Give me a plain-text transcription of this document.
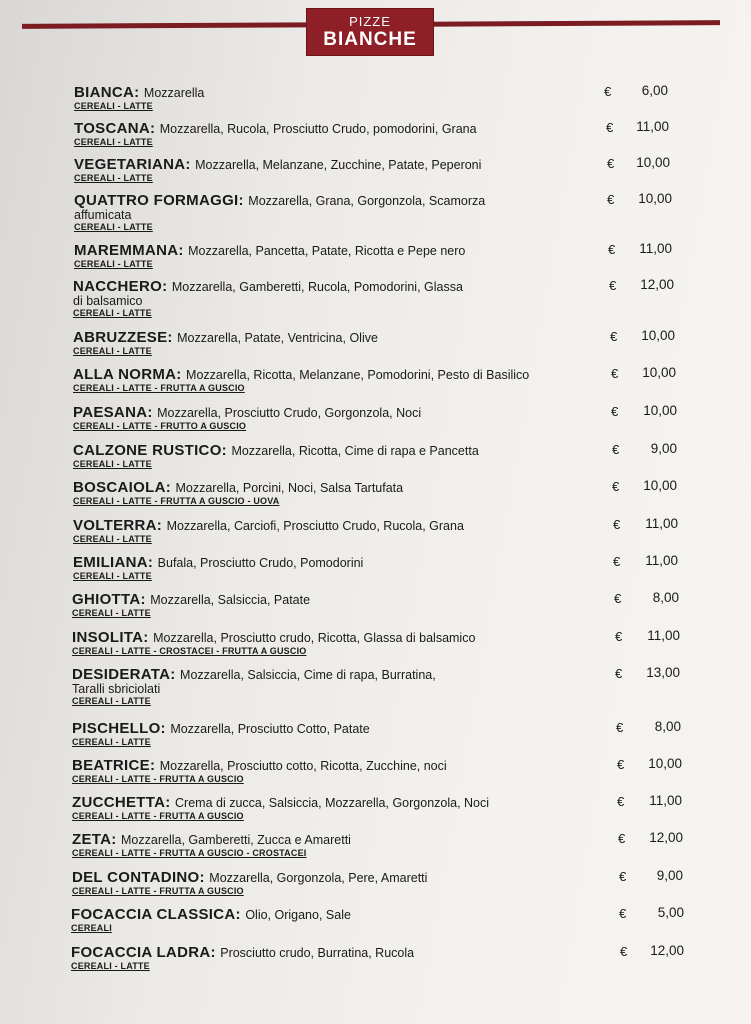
PIZZE
BIANCHE
BIANCA: Mozzarella
CEREALI - LATTE
€	6,00
TOSCANA: Mozzarella, Rucola, Prosciutto Crudo, pomodorini, Grana
CEREALI - LATTE
€	11,00
VEGETARIANA: Mozzarella, Melanzane, Zucchine, Patate, Peperoni
CEREALI - LATTE
€	10,00
QUATTRO FORMAGGI: Mozzarella, Grana, Gorgonzola, Scamorza
affumicata
CEREALI - LATTE
€	10,00
MAREMMANA: Mozzarella, Pancetta, Patate, Ricotta e Pepe nero
CEREALI - LATTE
€	11,00
NACCHERO: Mozzarella, Gamberetti, Rucola, Pomodorini, Glassa
di balsamico
CEREALI - LATTE
€	12,00
ABRUZZESE: Mozzarella, Patate, Ventricina, Olive
CEREALI - LATTE
€	10,00
ALLA NORMA: Mozzarella, Ricotta, Melanzane, Pomodorini, Pesto di Basilico
CEREALI - LATTE - FRUTTA A GUSCIO
€	10,00
PAESANA: Mozzarella, Prosciutto Crudo, Gorgonzola, Noci
CEREALI - LATTE - FRUTTO A GUSCIO
€	10,00
CALZONE RUSTICO: Mozzarella, Ricotta, Cime di rapa e Pancetta
CEREALI - LATTE
€	9,00
BOSCAIOLA: Mozzarella, Porcini, Noci, Salsa Tartufata
CEREALI - LATTE - FRUTTA A GUSCIO - UOVA
€	10,00
VOLTERRA: Mozzarella, Carciofi, Prosciutto Crudo, Rucola, Grana
CEREALI - LATTE
€	11,00
EMILIANA: Bufala, Prosciutto Crudo, Pomodorini
CEREALI - LATTE
€	11,00
GHIOTTA: Mozzarella, Salsiccia, Patate
CEREALI - LATTE
€	8,00
INSOLITA: Mozzarella, Prosciutto crudo, Ricotta, Glassa di balsamico
CEREALI - LATTE - CROSTACEI - FRUTTA A GUSCIO
€	11,00
DESIDERATA: Mozzarella, Salsiccia, Cime di rapa, Burratina,
Taralli sbriciolati
CEREALI - LATTE
€	13,00
PISCHELLO: Mozzarella, Prosciutto Cotto, Patate
CEREALI - LATTE
€	8,00
BEATRICE: Mozzarella, Prosciutto cotto, Ricotta, Zucchine, noci
CEREALI - LATTE - FRUTTA A GUSCIO
€	10,00
ZUCCHETTA: Crema di zucca, Salsiccia, Mozzarella, Gorgonzola, Noci
CEREALI - LATTE - FRUTTA A GUSCIO
€	11,00
ZETA: Mozzarella, Gamberetti, Zucca e Amaretti
CEREALI - LATTE - FRUTTA A GUSCIO - CROSTACEI
€	12,00
DEL CONTADINO: Mozzarella, Gorgonzola, Pere, Amaretti
CEREALI - LATTE - FRUTTA A GUSCIO
€	9,00
FOCACCIA CLASSICA: Olio, Origano, Sale
CEREALI
€	5,00
FOCACCIA LADRA: Prosciutto crudo, Burratina, Rucola
CEREALI - LATTE
€	12,00
